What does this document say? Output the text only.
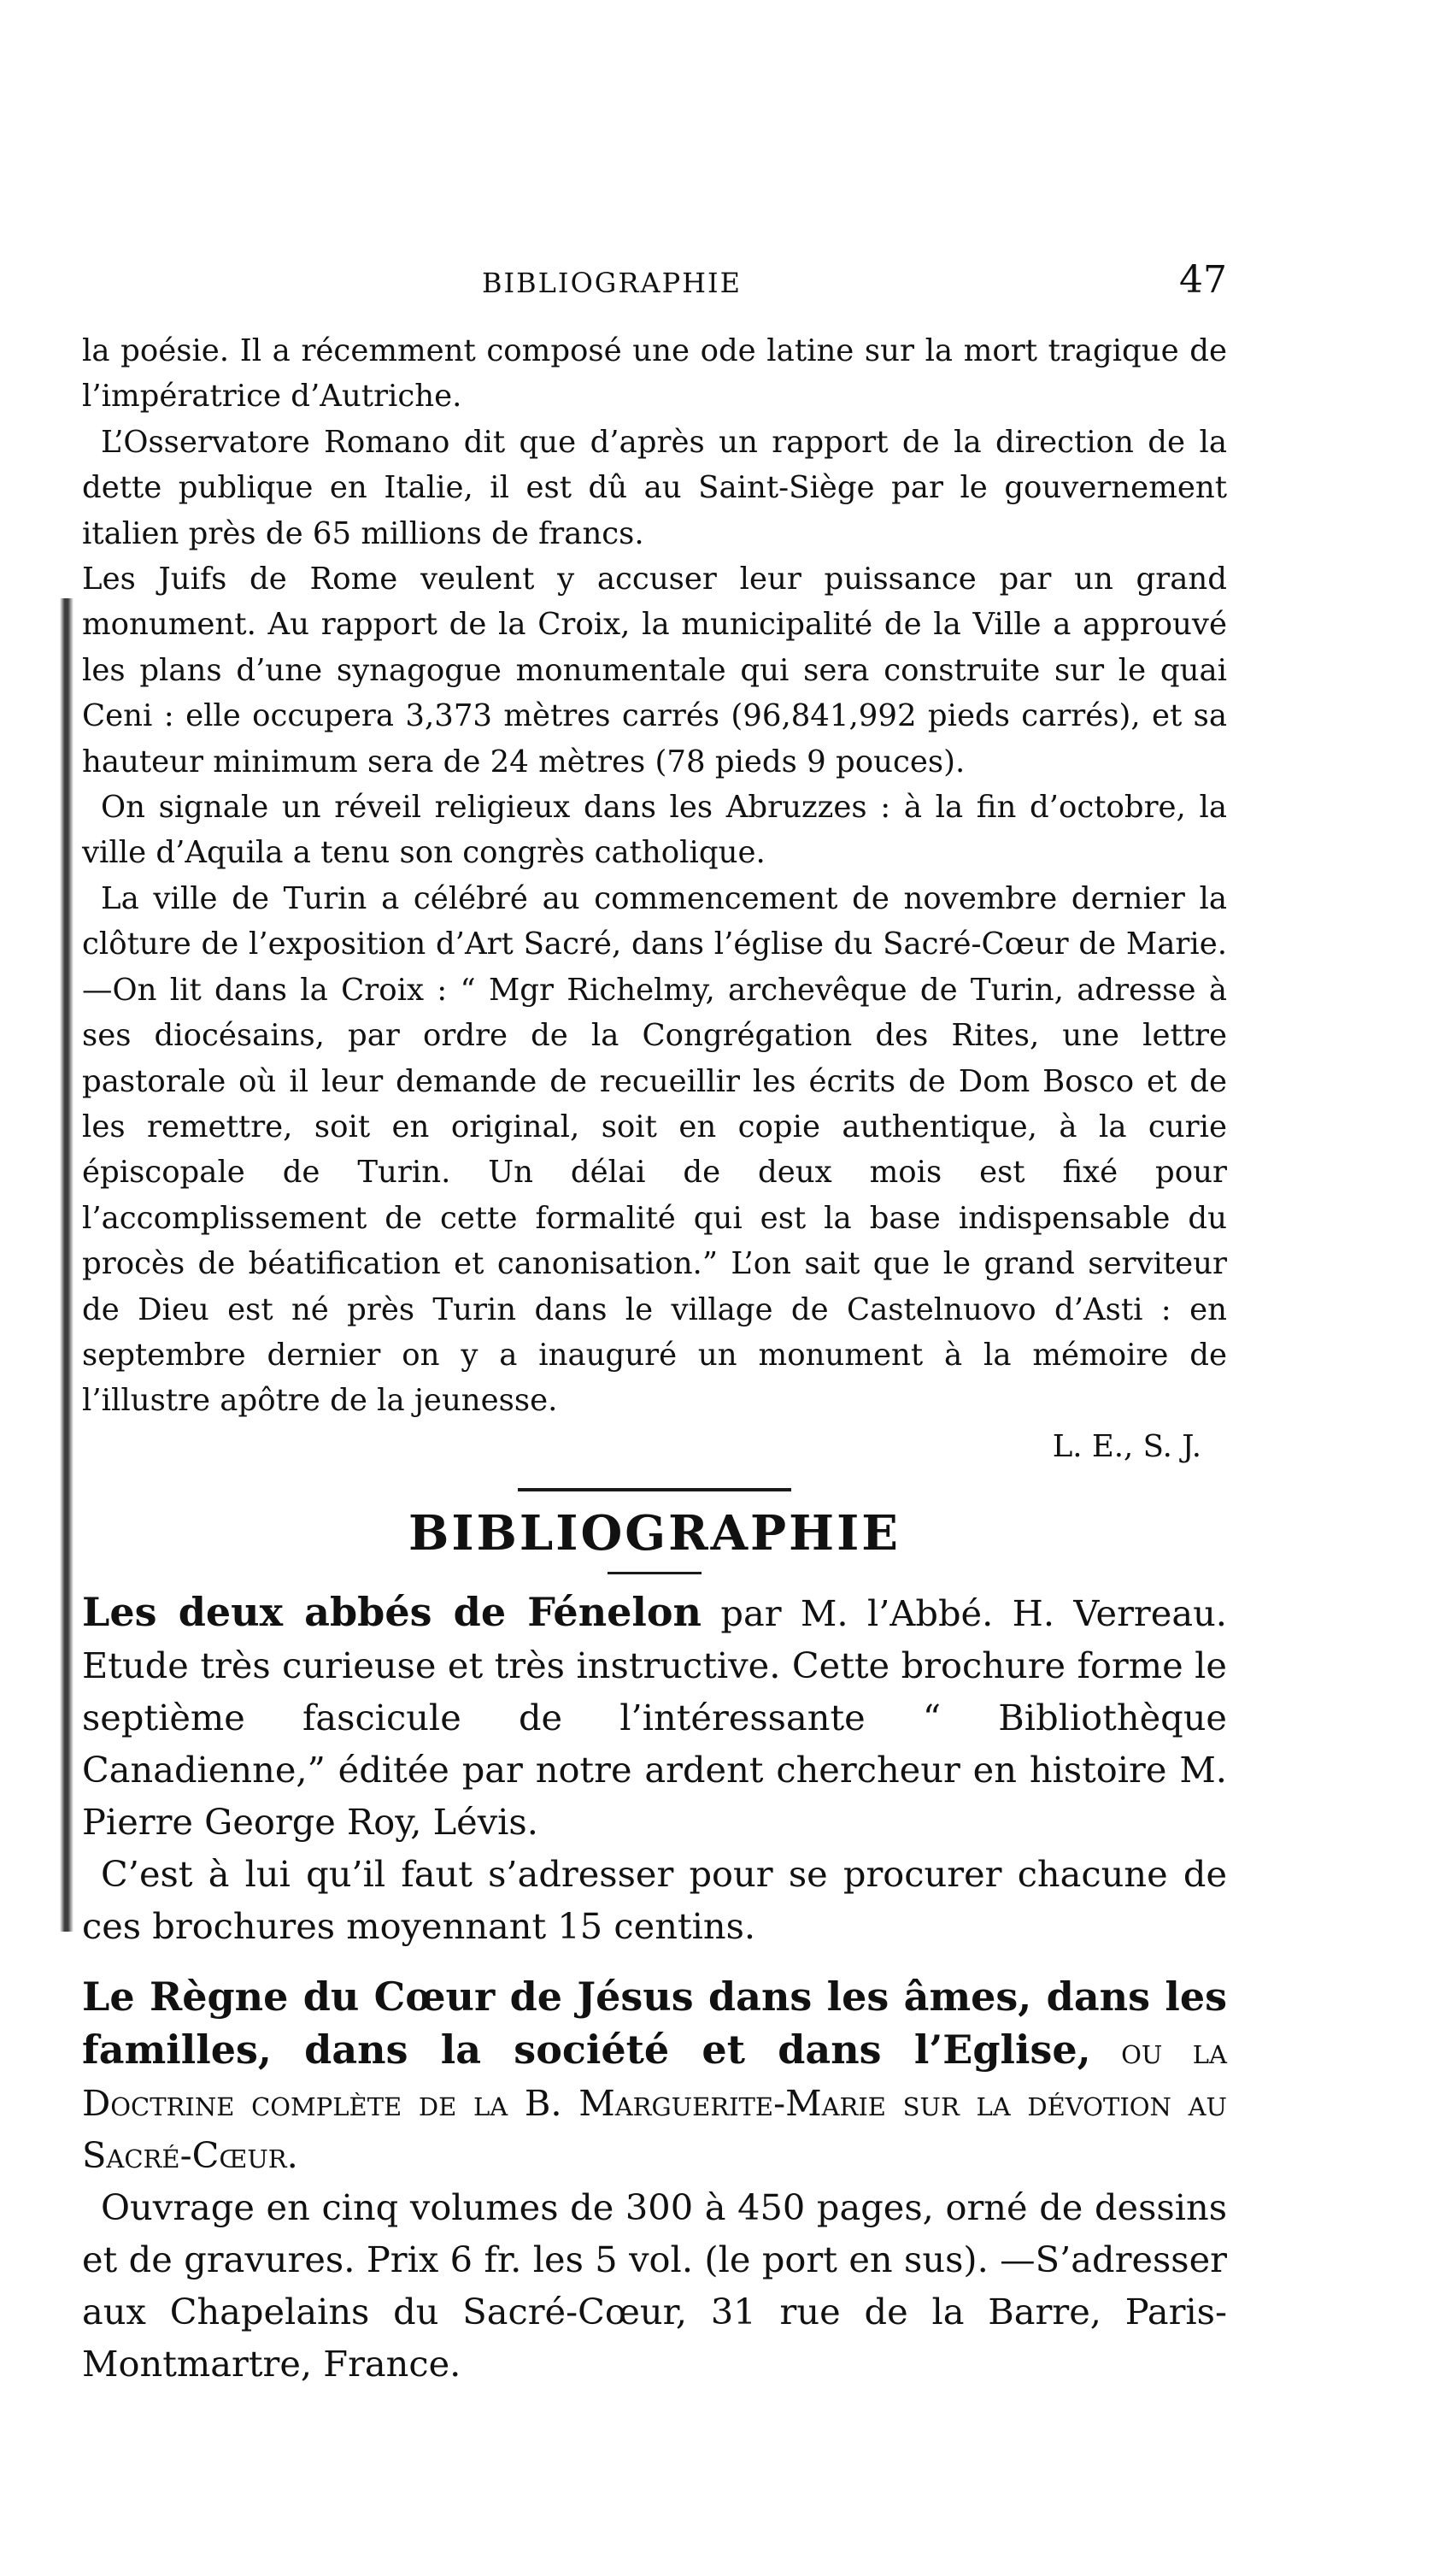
BIBLIOGRAPHIE	47

la poésie. Il a récemment composé une ode latine sur la mort tragique de l’impératrice d’Autriche.

L’Osservatore Romano dit que d’après un rapport de la direction de la dette publique en Italie, il est dû au Saint-Siège par le gouvernement italien près de 65 millions de francs.

Les Juifs de Rome veulent y accuser leur puissance par un grand monument. Au rapport de la Croix, la municipalité de la Ville a approuvé les plans d’une synagogue monumentale qui sera construite sur le quai Ceni : elle occupera 3,373 mètres carrés (96,841,992 pieds carrés), et sa hauteur minimum sera de 24 mètres (78 pieds 9 pouces).

On signale un réveil religieux dans les Abruzzes : à la fin d’octobre, la ville d’Aquila a tenu son congrès catholique.

La ville de Turin a célébré au commencement de novembre dernier la clôture de l’exposition d’Art Sacré, dans l’église du Sacré-Cœur de Marie.—On lit dans la Croix : “ Mgr Richelmy, archevêque de Turin, adresse à ses diocésains, par ordre de la Congrégation des Rites, une lettre pastorale où il leur demande de recueillir les écrits de Dom Bosco et de les remettre, soit en original, soit en copie authentique, à la curie épiscopale de Turin. Un délai de deux mois est fixé pour l’accomplissement de cette formalité qui est la base indispensable du procès de béatification et canonisation.” L’on sait que le grand serviteur de Dieu est né près Turin dans le village de Castelnuovo d’Asti : en septembre dernier on y a inauguré un monument à la mémoire de l’illustre apôtre de la jeunesse.

L. E., S. J.

BIBLIOGRAPHIE

Les deux abbés de Fénelon par M. l’Abbé. H. Verreau. Etude très curieuse et très instructive. Cette brochure forme le septième fascicule de l’intéressante “ Bibliothèque Canadienne,” éditée par notre ardent chercheur en histoire M. Pierre George Roy, Lévis.

C’est à lui qu’il faut s’adresser pour se procurer chacune de ces brochures moyennant 15 centins.

Le Règne du Cœur de Jésus dans les âmes, dans les familles, dans la société et dans l’Eglise, ou la Doctrine complète de la B. Marguerite-Marie sur la dévotion au Sacré-Cœur.

Ouvrage en cinq volumes de 300 à 450 pages, orné de dessins et de gravures. Prix 6 fr. les 5 vol. (le port en sus). —S’adresser aux Chapelains du Sacré-Cœur, 31 rue de la Barre, Paris-Montmartre, France.
